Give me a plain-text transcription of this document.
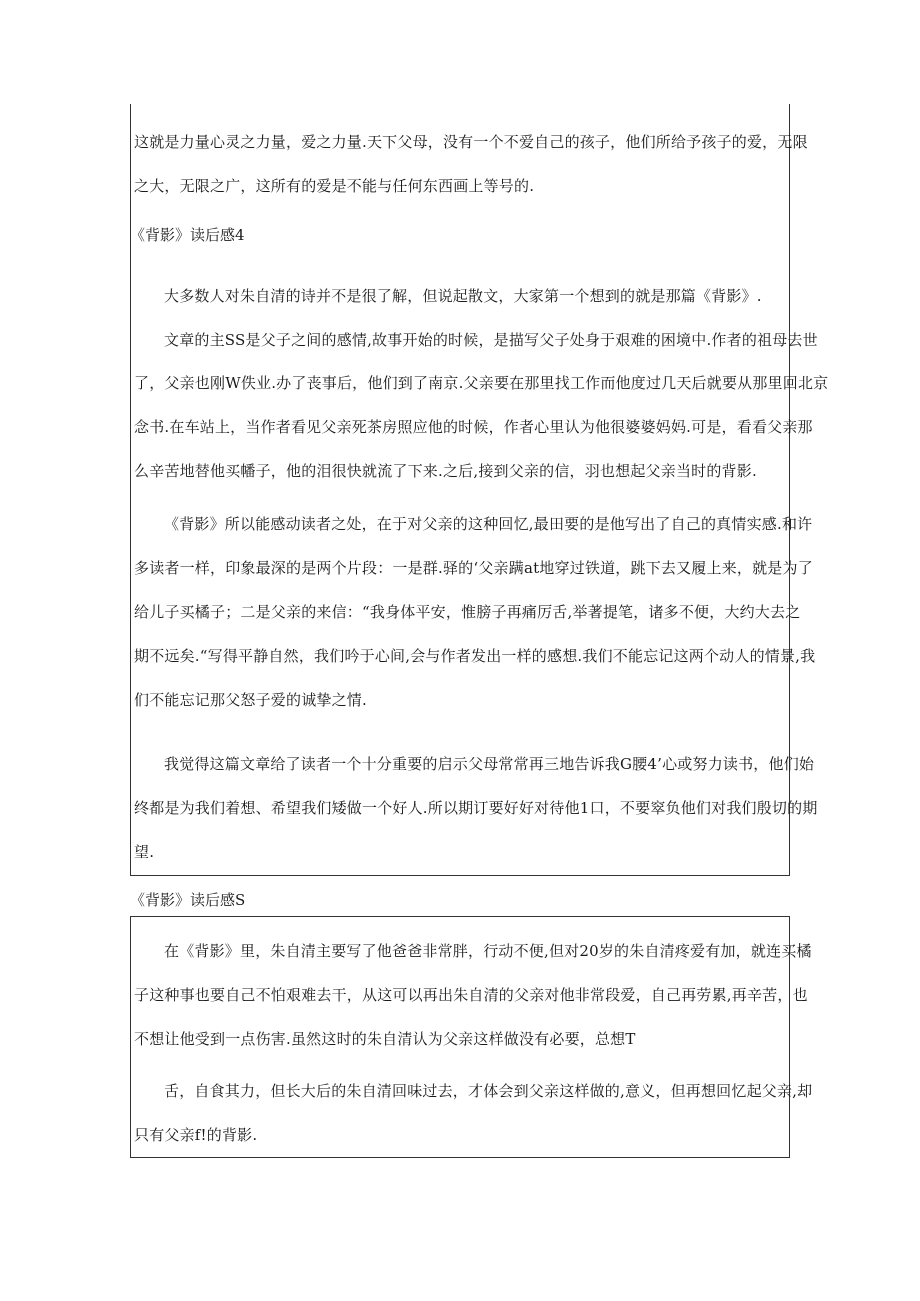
这就是力量心灵之力量，爱之力量.天下父母，没有一个不爱自己的孩子，他们所给予孩子的爱，无限
之大，无限之广，这所有的爱是不能与任何东西画上等号的.
大多数人对朱自清的诗并不是很了解，但说起散文，大家第一个想到的就是那篇《背影》.
文章的主SS是父子之间的感情,故事开始的时候，是描写父子处身于艰难的困境中.作者的祖母去世
了，父亲也刚W佚业.办了丧事后，他们到了南京.父亲要在那里找工作而他度过几天后就要从那里回北京
念书.在车站上，当作者看见父亲死茶房照应他的时候，作者心里认为他很婆婆妈妈.可是，看看父亲那
么辛苦地替他买幡子，他的泪很快就流了下来.之后,接到父亲的信，羽也想起父亲当时的背影.
《背影》所以能感动读者之处，在于对父亲的这种回忆,最田要的是他写出了自己的真情实感.和许
多读者一样，印象最深的是两个片段：一是群.驿的‘父亲蹒at地穿过铁道，跳下去又履上来，就是为了
给儿子买橘子；二是父亲的来信：“我身体平安，惟膀子再痛厉舌,举著提笔，诸多不便，大约大去之
期不远矣.“写得平静自然，我们吟于心间,会与作者发出一样的感想.我们不能忘记这两个动人的情景,我
们不能忘记那父怒子爱的诚挚之情.
我觉得这篇文章给了读者一个十分重要的启示父母常常再三地告诉我G腰4’心或努力读书，他们始
终都是为我们着想、希望我们矮做一个好人.所以期订要好好对待他1口，不要窣负他们对我们殷切的期
望.
《背影》读后感4
《背影》读后感S
在《背影》里，朱自清主要写了他爸爸非常胖，行动不便,但对20岁的朱自清疼爱有加，就连买橘
子这种事也要自己不怕艰难去干，从这可以再出朱自清的父亲对他非常段爱，自己再劳累,再辛苦，也
不想让他受到一点伤害.虽然这时的朱自清认为父亲这样做没有必要，总想T
舌，自食其力，但长大后的朱自清回味过去，才体会到父亲这样做的,意义，但再想回忆起父亲,却
只有父亲f!的背影.
